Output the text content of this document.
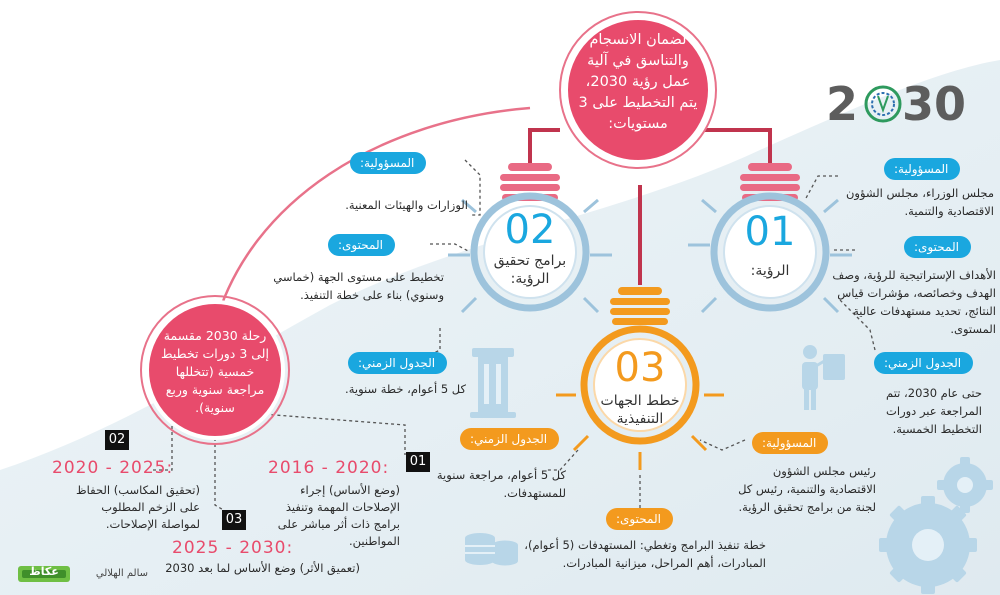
2 30
لضمان الانسجام والتناسق في آلية عمل رؤية 2030، يتم التخطيط على 3 مستويات:
02
برامج تحقيق الرؤية:
المسؤولية:
الوزارات والهيئات المعنية.
المحتوى:
تخطيط على مستوى الجهة (خماسي وسنوي) بناء على خطة التنفيذ.
الجدول الزمني:
كل 5 أعوام، خطة سنوية.
01
الرؤية:
المسؤولية:
مجلس الوزراء، مجلس الشؤون الاقتصادية والتنمية.
المحتوى:
الأهداف الإستراتيجية للرؤية، وصف الهدف وخصائصه، مؤشرات قياس النتائج، تحديد مستهدفات عالية المستوى.
الجدول الزمني:
حتى عام 2030، تتم المراجعة عبر دورات التخطيط الخمسية.
03
خطط الجهات التنفيذية
الجدول الزمني:
كل 5 أعوام، مراجعة سنوية للمستهدفات.
المسؤولية:
رئيس مجلس الشؤون الاقتصادية والتنمية، رئيس كل لجنة من برامج تحقيق الرؤية.
المحتوى:
خطة تنفيذ البرامج وتغطي: المستهدفات (5 أعوام)، المبادرات، أهم المراحل، ميزانية المبادرات.
رحلة 2030 مقسمة إلى 3 دورات تخطيط خمسية (تتخللها مراجعة سنوية وربع سنوية).
01
2016 - 2020:
(وضع الأساس) إجراء الإصلاحات المهمة وتنفيذ برامج ذات أثر مباشر على المواطنين.
02
2020 - 2025:
(تحقيق المكاسب) الحفاظ على الزخم المطلوب لمواصلة الإصلاحات. 03
2025 - 2030:
(تعميق الأثر) وضع الأساس لما بعد 2030
سالم الهلالي
عكاظ
